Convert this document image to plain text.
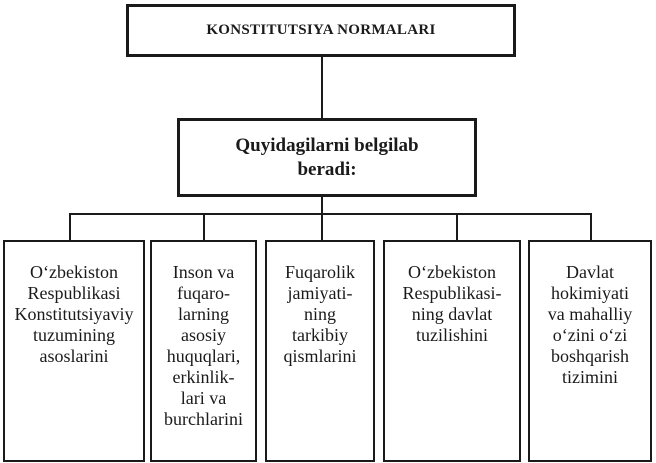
KONSTITUTSIYA NORMALARI
Quyidagilarni belgilab
beradi:
O‘zbekiston
Respublikasi
Konstitutsiyaviy
tuzumining
asoslarini
Inson va
fuqaro-
larning
asosiy
huquqlari,
erkinlik-
lari va
burchlarini
Fuqarolik
jamiyati-
ning
tarkibiy
qismlarini
O‘zbekiston
Respublikasi-
ning davlat
tuzilishini
Davlat
hokimiyati
va mahalliy
o‘zini o‘zi
boshqarish
tizimini
